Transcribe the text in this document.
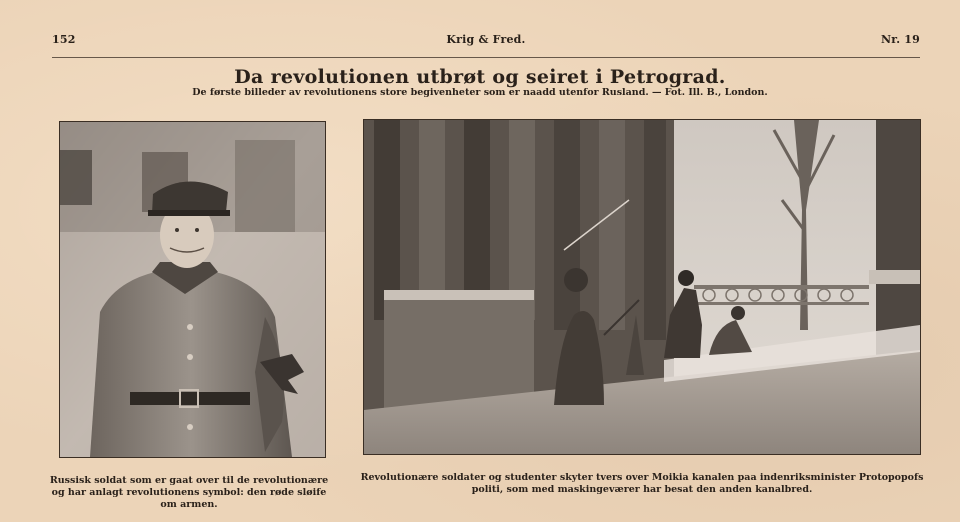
152	Krig & Fred.	Nr. 19
Da revolutionen utbrøt og seiret i Petrograd.
De første billeder av revolutionens store begivenheter som er naadd utenfor Rusland. — Fot. Ill. B., London.
Russisk soldat som er gaat over til de revolutionære og har anlagt revolutionens symbol: den røde sløife om armen.
Revolutionære soldater og studenter skyter tvers over Moikia kanalen paa indenriksminister Protopopofs politi, som med maskingeværer har besat den anden kanalbred.
